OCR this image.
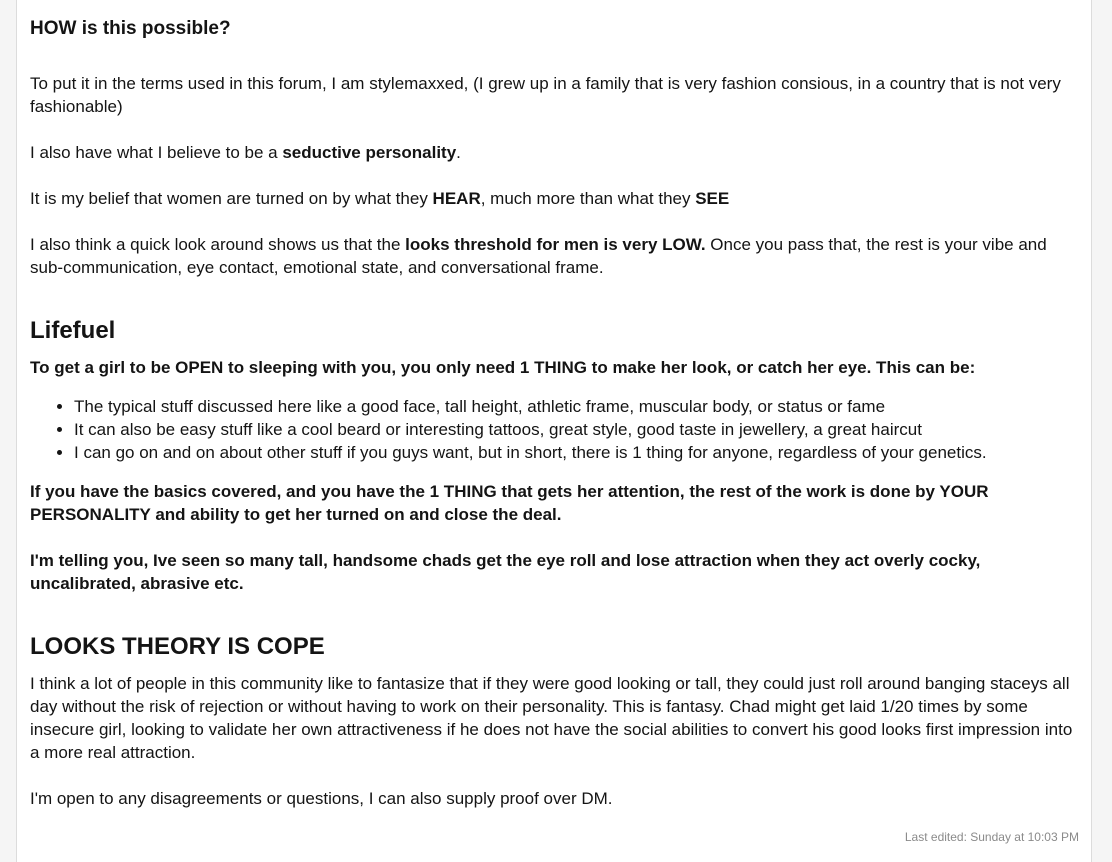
HOW is this possible?

To put it in the terms used in this forum, I am stylemaxxed, (I grew up in a family that is very fashion consious, in a country that is not very fashionable)

I also have what I believe to be a seductive personality.

It is my belief that women are turned on by what they HEAR, much more than what they SEE

I also think a quick look around shows us that the looks threshold for men is very LOW. Once you pass that, the rest is your vibe and sub-communication, eye contact, emotional state, and conversational frame.

Lifefuel

To get a girl to be OPEN to sleeping with you, you only need 1 THING to make her look, or catch her eye. This can be:

• The typical stuff discussed here like a good face, tall height, athletic frame, muscular body, or status or fame
• It can also be easy stuff like a cool beard or interesting tattoos, great style, good taste in jewellery, a great haircut
• I can go on and on about other stuff if you guys want, but in short, there is 1 thing for anyone, regardless of your genetics.

If you have the basics covered, and you have the 1 THING that gets her attention, the rest of the work is done by YOUR PERSONALITY and ability to get her turned on and close the deal.

I'm telling you, Ive seen so many tall, handsome chads get the eye roll and lose attraction when they act overly cocky, uncalibrated, abrasive etc.

LOOKS THEORY IS COPE

I think a lot of people in this community like to fantasize that if they were good looking or tall, they could just roll around banging staceys all day without the risk of rejection or without having to work on their personality. This is fantasy. Chad might get laid 1/20 times by some insecure girl, looking to validate her own attractiveness if he does not have the social abilities to convert his good looks first impression into a more real attraction.

I'm open to any disagreements or questions, I can also supply proof over DM.

Last edited: Sunday at 10:03 PM
